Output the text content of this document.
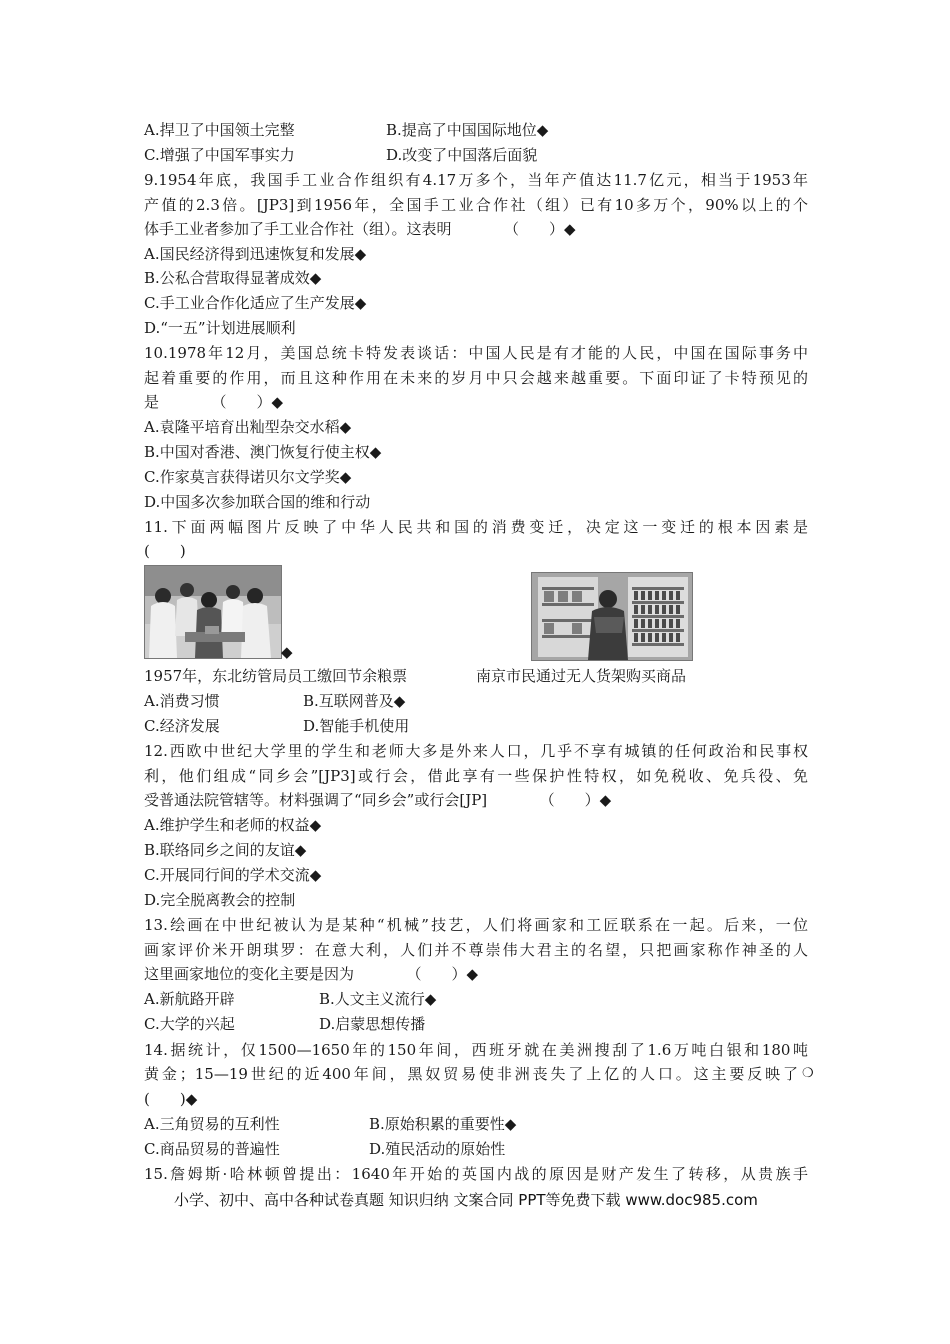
A.捍卫了中国领土完整	B.提高了中国国际地位◆
C.增强了中国军事实力	D.改变了中国落后面貌
9.1954年底，我国手工业合作组织有4.17万多个，当年产值达11.7亿元，相当于1953年
产值的2.3倍。[JP3]到1956年，全国手工业合作社（组）已有10多万个，90%以上的个
体手工业者参加了手工业合作社（组）。这表明　　　　（　　）◆
A.国民经济得到迅速恢复和发展◆
B.公私合营取得显著成效◆
C.手工业合作化适应了生产发展◆
D.“一五”计划进展顺利
10.1978年12月，美国总统卡特发表谈话：中国人民是有才能的人民，中国在国际事务中
起着重要的作用，而且这种作用在未来的岁月中只会越来越重要。下面印证了卡特预见的
是　　　　（　　）◆
A.袁隆平培育出籼型杂交水稻◆
B.中国对香港、澳门恢复行使主权◆
C.作家莫言获得诺贝尔文学奖◆
D.中国多次参加联合国的维和行动
11.下面两幅图片反映了中华人民共和国的消费变迁，决定这一变迁的根本因素是
(　　)
◆
1957年，东北纺管局员工缴回节余粮票	南京市民通过无人货架购买商品
A.消费习惯	B.互联网普及◆
C.经济发展	D.智能手机使用
12.西欧中世纪大学里的学生和老师大多是外来人口，几乎不享有城镇的任何政治和民事权
利，他们组成“同乡会”[JP3]或行会，借此享有一些保护性特权，如免税收、免兵役、免
受普通法院管辖等。材料强调了“同乡会”或行会[JP]　　　　（　　）◆
A.维护学生和老师的权益◆
B.联络同乡之间的友谊◆
C.开展同行间的学术交流◆
D.完全脱离教会的控制
13.绘画在中世纪被认为是某种“机械”技艺，人们将画家和工匠联系在一起。后来，一位
画家评价米开朗琪罗：在意大利，人们并不尊崇伟大君主的名望，只把画家称作神圣的人
这里画家地位的变化主要是因为　　　　（　　）◆
A.新航路开辟	B.人文主义流行◆
C.大学的兴起	D.启蒙思想传播
14.据统计，仅1500—1650年的150年间，西班牙就在美洲搜刮了1.6万吨白银和180吨
黄金；15—19世纪的近400年间，黑奴贸易使非洲丧失了上亿的人口。这主要反映了 ❍
(　　)◆
A.三角贸易的互利性	B.原始积累的重要性◆
C.商品贸易的普遍性	D.殖民活动的原始性
15.詹姆斯·哈林顿曾提出：1640年开始的英国内战的原因是财产发生了转移，从贵族手
小学、初中、高中各种试卷真题 知识归纳 文案合同 PPT等免费下载 www.doc985.com
